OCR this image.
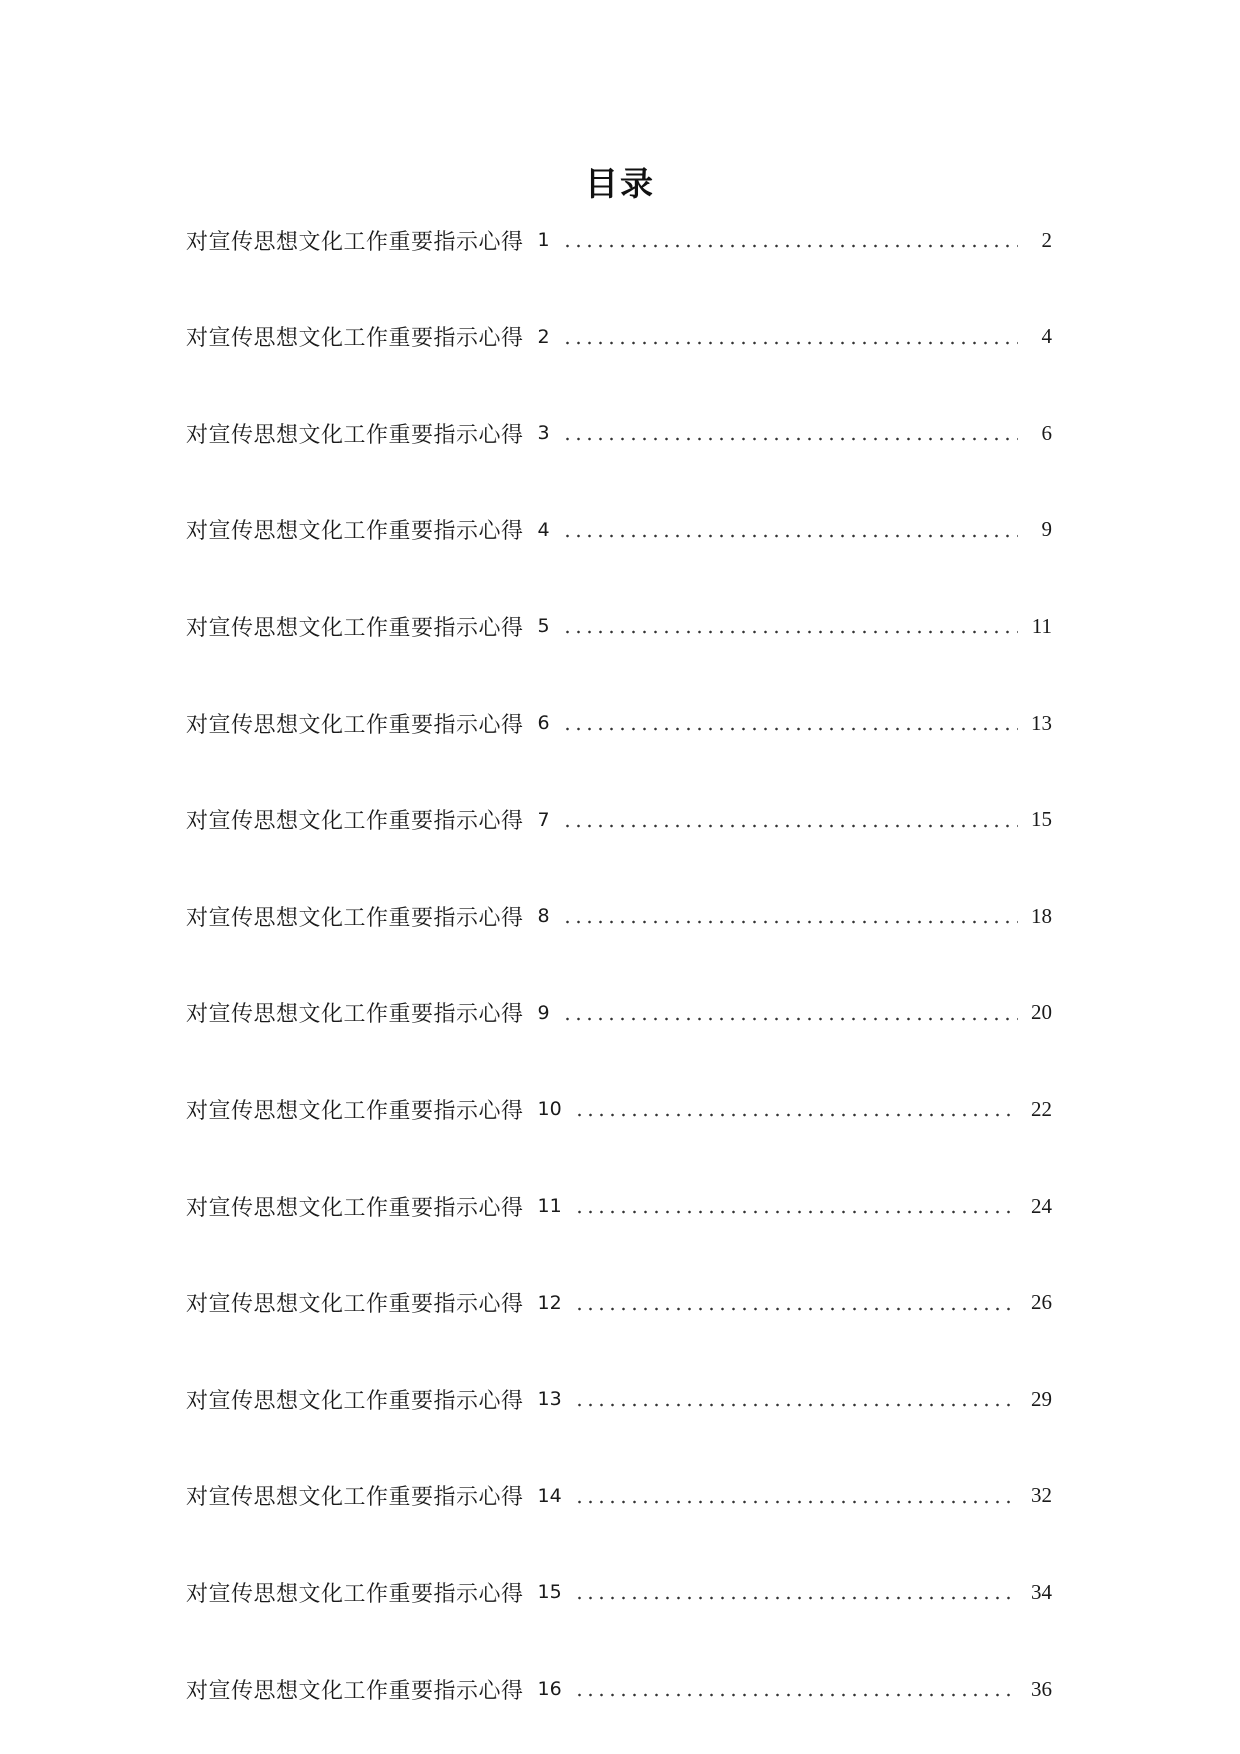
目录
对宣传思想文化工作重要指示心得 1	2
对宣传思想文化工作重要指示心得 2	4
对宣传思想文化工作重要指示心得 3	6
对宣传思想文化工作重要指示心得 4	9
对宣传思想文化工作重要指示心得 5	11
对宣传思想文化工作重要指示心得 6	13
对宣传思想文化工作重要指示心得 7	15
对宣传思想文化工作重要指示心得 8	18
对宣传思想文化工作重要指示心得 9	20
对宣传思想文化工作重要指示心得 10	22
对宣传思想文化工作重要指示心得 11	24
对宣传思想文化工作重要指示心得 12	26
对宣传思想文化工作重要指示心得 13	29
对宣传思想文化工作重要指示心得 14	32
对宣传思想文化工作重要指示心得 15	34
对宣传思想文化工作重要指示心得 16	36
